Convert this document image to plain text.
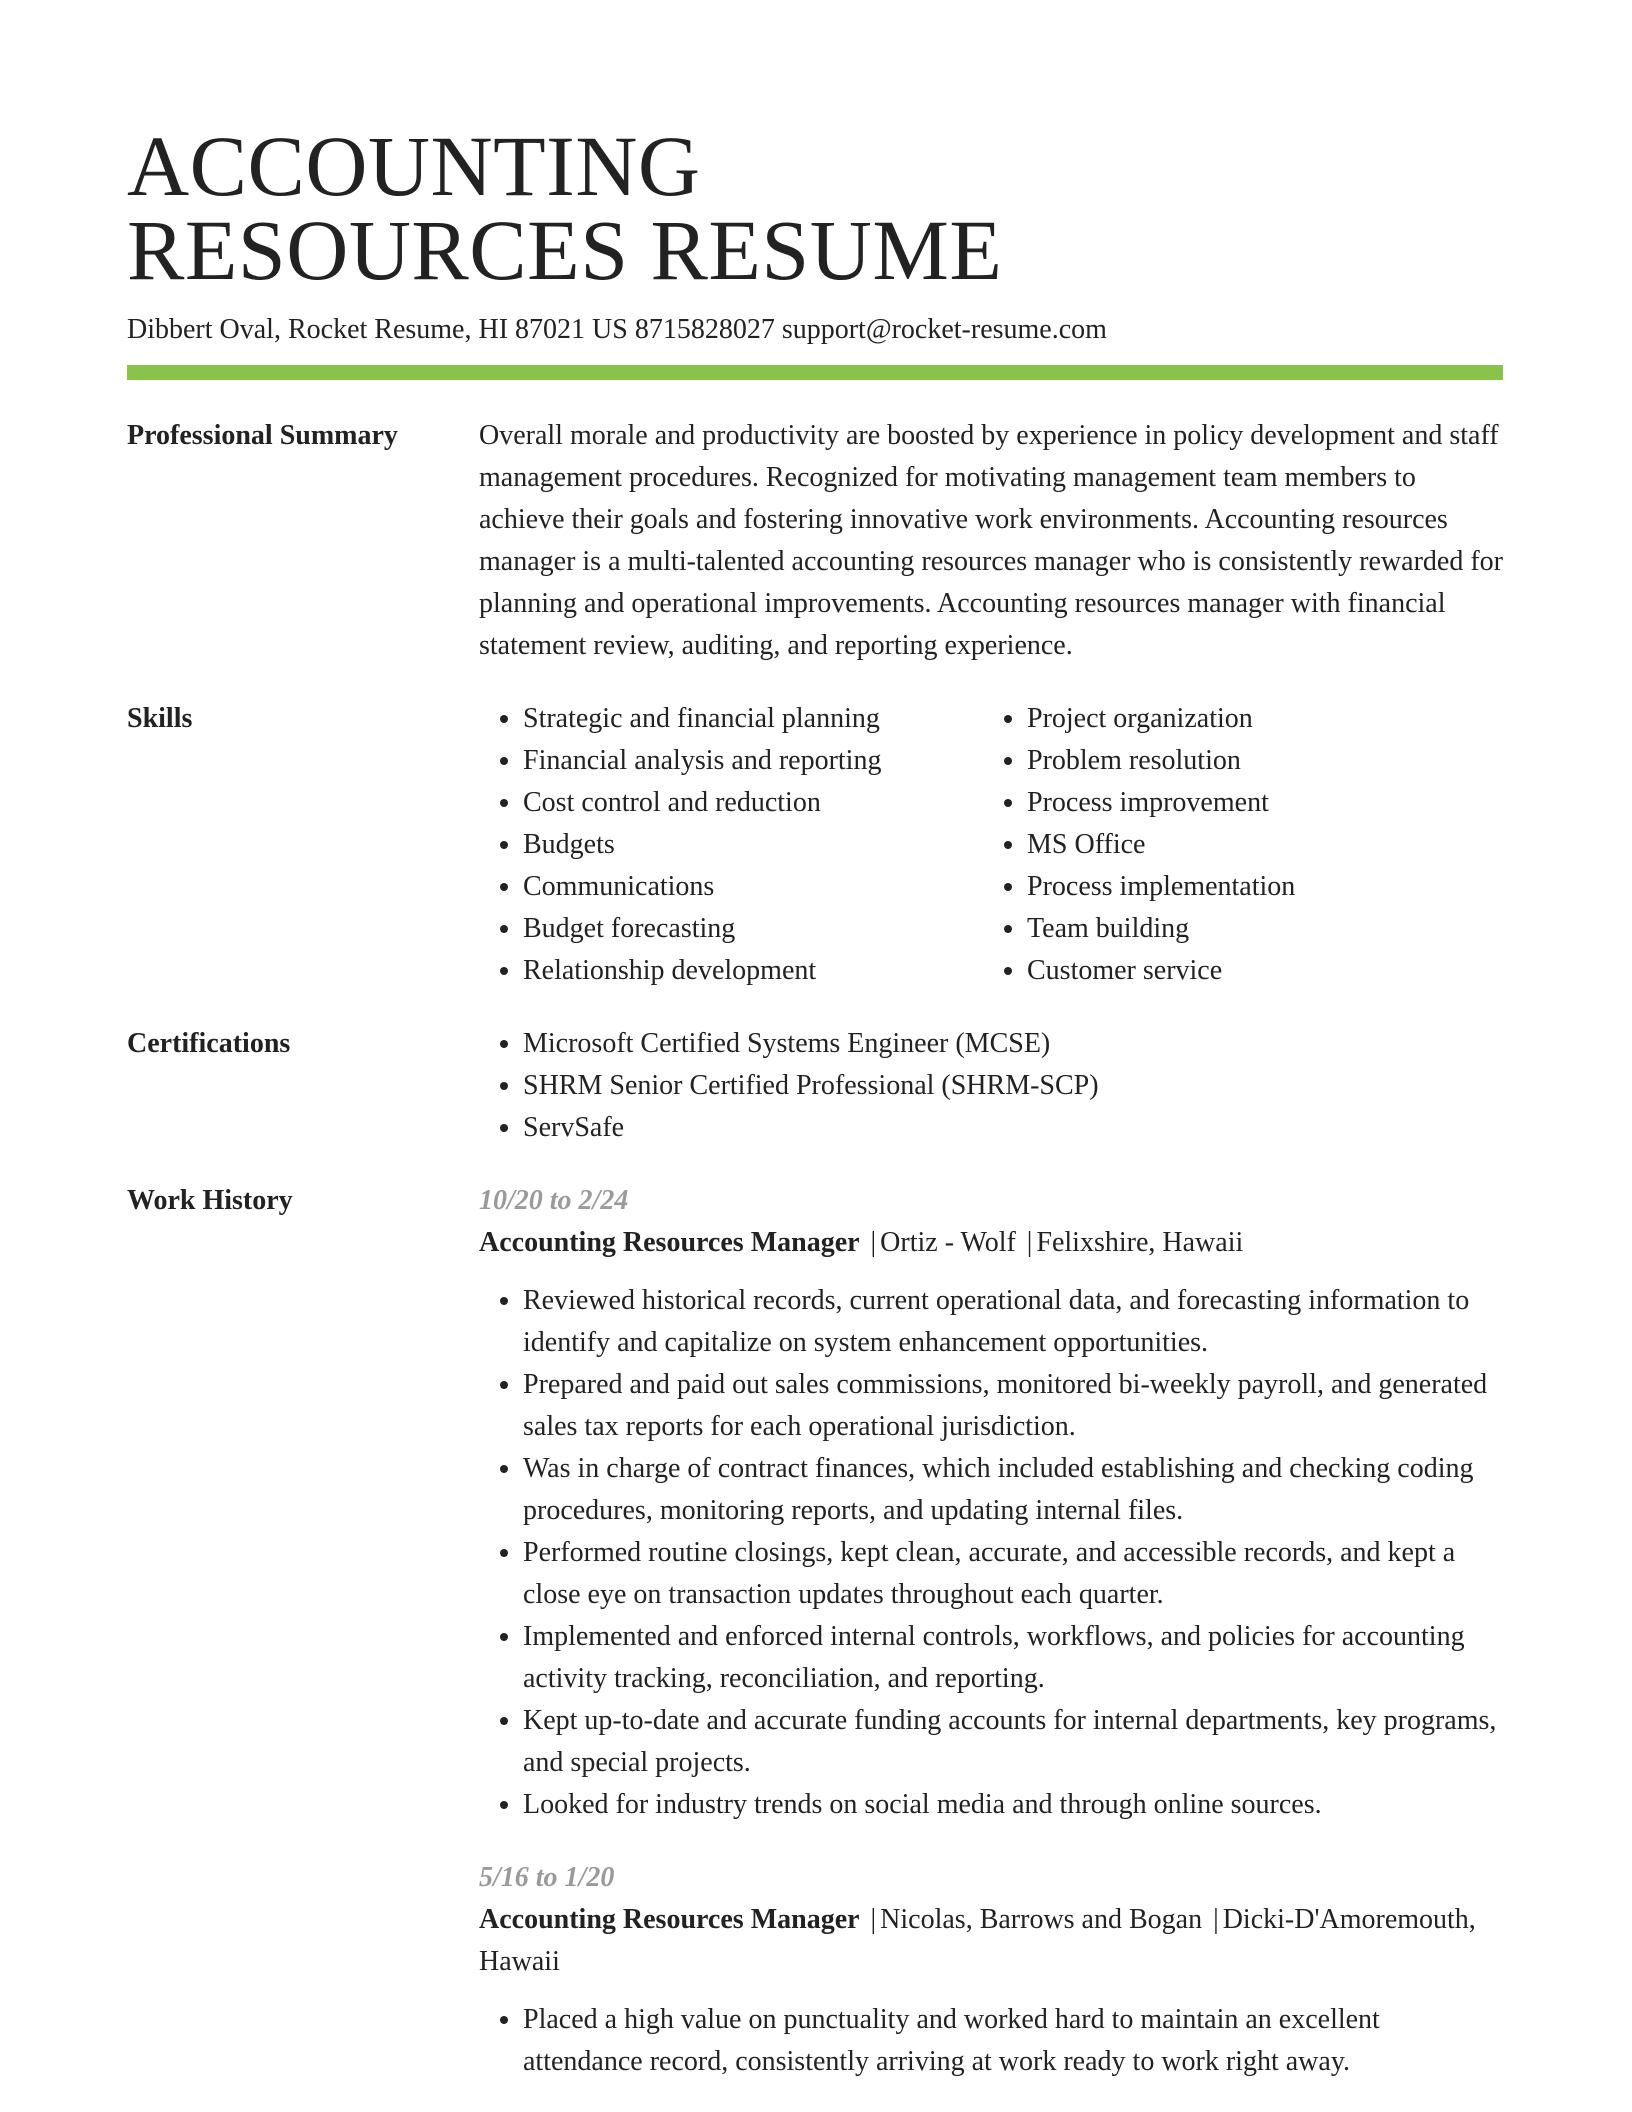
ACCOUNTING
RESOURCES RESUME
Dibbert Oval, Rocket Resume, HI 87021 US 8715828027 support@rocket-resume.com
Professional Summary	Overall morale and productivity are boosted by experience in policy development and staff management procedures. Recognized for motivating management team members to achieve their goals and fostering innovative work environments. Accounting resources manager is a multi-talented accounting resources manager who is consistently rewarded for planning and operational improvements. Accounting resources manager with financial statement review, auditing, and reporting experience.

Skills	• Strategic and financial planning
• Financial analysis and reporting
• Cost control and reduction
• Budgets
• Communications
• Budget forecasting
• Relationship development
• Project organization
• Problem resolution
• Process improvement
• MS Office
• Process implementation
• Team building
• Customer service
Certifications	• Microsoft Certified Systems Engineer (MCSE)
• SHRM Senior Certified Professional (SHRM-SCP)
• ServSafe
Work History	10/20 to 2/24
Accounting Resources Manager | Ortiz - Wolf | Felixshire, Hawaii
• Reviewed historical records, current operational data, and forecasting information to identify and capitalize on system enhancement opportunities.
• Prepared and paid out sales commissions, monitored bi-weekly payroll, and generated sales tax reports for each operational jurisdiction.
• Was in charge of contract finances, which included establishing and checking coding procedures, monitoring reports, and updating internal files.
• Performed routine closings, kept clean, accurate, and accessible records, and kept a close eye on transaction updates throughout each quarter.
• Implemented and enforced internal controls, workflows, and policies for accounting activity tracking, reconciliation, and reporting.
• Kept up-to-date and accurate funding accounts for internal departments, key programs, and special projects.
• Looked for industry trends on social media and through online sources.
5/16 to 1/20
Accounting Resources Manager | Nicolas, Barrows and Bogan | Dicki-D'Amoremouth, Hawaii
• Placed a high value on punctuality and worked hard to maintain an excellent attendance record, consistently arriving at work ready to work right away.
